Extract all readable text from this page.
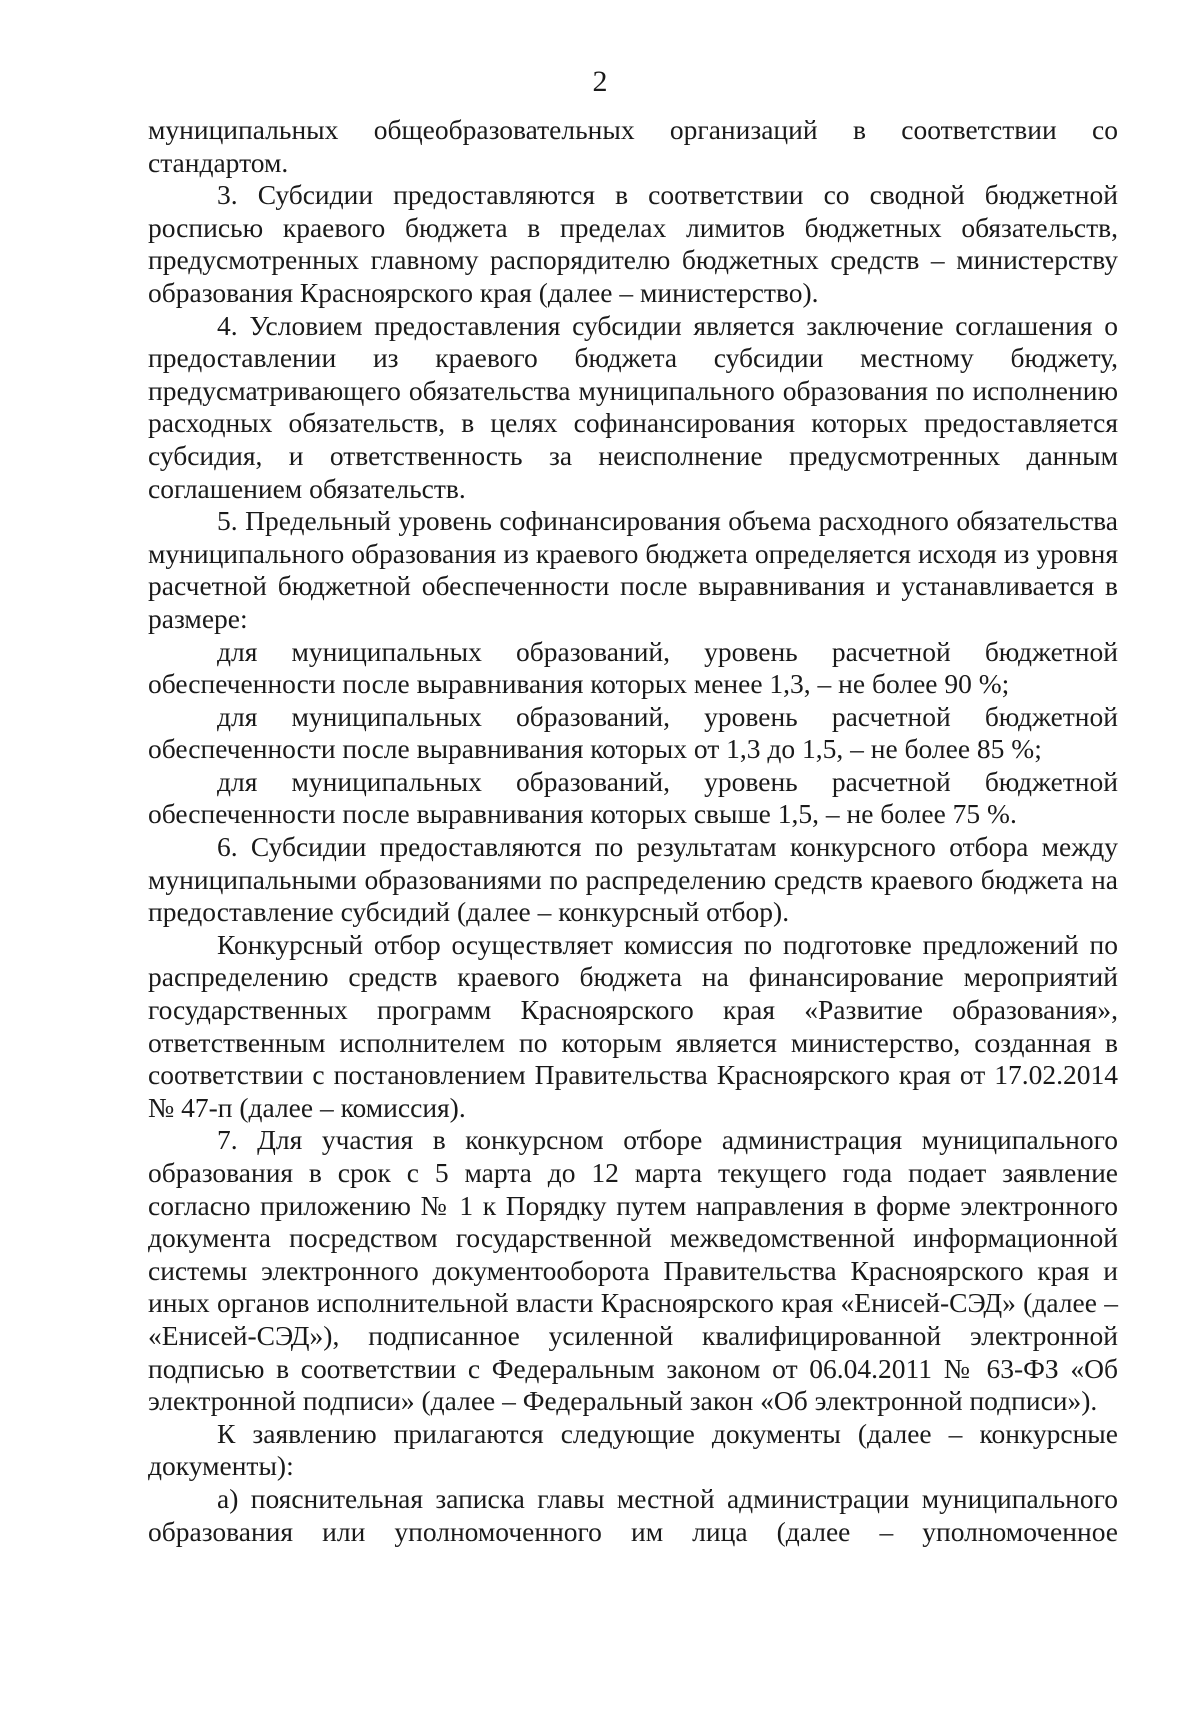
2

муниципальных общеобразовательных организаций в соответствии со стандартом.

3. Субсидии предоставляются в соответствии со сводной бюджетной росписью краевого бюджета в пределах лимитов бюджетных обязательств, предусмотренных главному распорядителю бюджетных средств – министерству образования Красноярского края (далее – министерство).

4. Условием предоставления субсидии является заключение соглашения о предоставлении из краевого бюджета субсидии местному бюджету, предусматривающего обязательства муниципального образования по исполнению расходных обязательств, в целях софинансирования которых предоставляется субсидия, и ответственность за неисполнение предусмотренных данным соглашением обязательств.

5. Предельный уровень софинансирования объема расходного обязательства муниципального образования из краевого бюджета определяется исходя из уровня расчетной бюджетной обеспеченности после выравнивания и устанавливается в размере:

для муниципальных образований, уровень расчетной бюджетной обеспеченности после выравнивания которых менее 1,3, – не более 90 %;

для муниципальных образований, уровень расчетной бюджетной обеспеченности после выравнивания которых от 1,3 до 1,5, – не более 85 %;

для муниципальных образований, уровень расчетной бюджетной обеспеченности после выравнивания которых свыше 1,5, – не более 75 %.

6. Субсидии предоставляются по результатам конкурсного отбора между муниципальными образованиями по распределению средств краевого бюджета на предоставление субсидий (далее – конкурсный отбор).

Конкурсный отбор осуществляет комиссия по подготовке предложений по распределению средств краевого бюджета на финансирование мероприятий государственных программ Красноярского края «Развитие образования», ответственным исполнителем по которым является министерство, созданная в соответствии с постановлением Правительства Красноярского края от 17.02.2014 № 47-п (далее – комиссия).

7. Для участия в конкурсном отборе администрация муниципального образования в срок с 5 марта до 12 марта текущего года подает заявление согласно приложению № 1 к Порядку путем направления в форме электронного документа посредством государственной межведомственной информационной системы электронного документооборота Правительства Красноярского края и иных органов исполнительной власти Красноярского края «Енисей-СЭД» (далее – «Енисей-СЭД»), подписанное усиленной квалифицированной электронной подписью в соответствии с Федеральным законом от 06.04.2011 № 63-ФЗ «Об электронной подписи» (далее – Федеральный закон «Об электронной подписи»).

К заявлению прилагаются следующие документы (далее – конкурсные документы):

а) пояснительная записка главы местной администрации муниципального образования или уполномоченного им лица (далее – уполномоченное
